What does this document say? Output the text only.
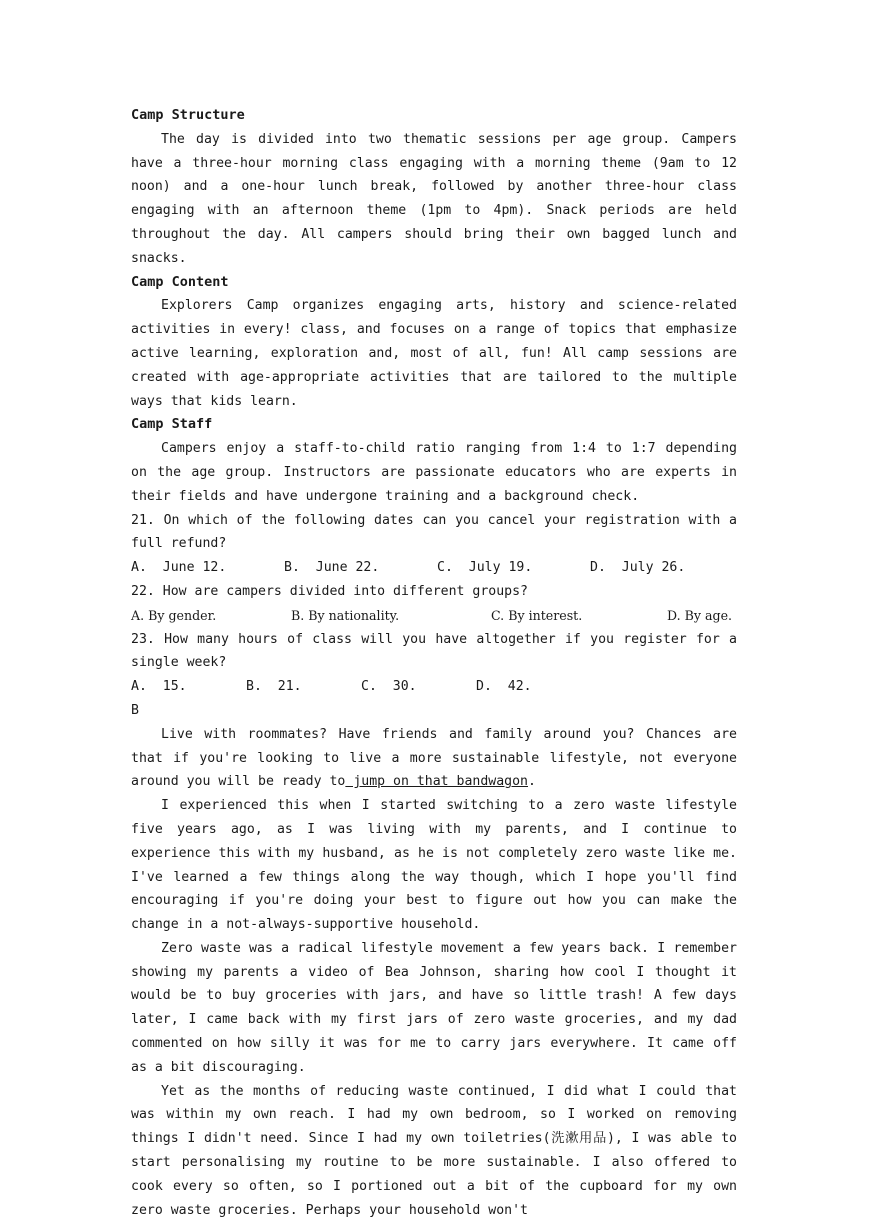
Camp Structure

The day is divided into two thematic sessions per age group. Campers have a three-hour morning class engaging with a morning theme (9am to 12 noon) and a one-hour lunch break, followed by another three-hour class engaging with an afternoon theme (1pm to 4pm). Snack periods are held throughout the day. All campers should bring their own bagged lunch and snacks.

Camp Content

Explorers Camp organizes engaging arts, history and science-related activities in every! class, and focuses on a range of topics that emphasize active learning, exploration and, most of all, fun! All camp sessions are created with age-appropriate activities that are tailored to the multiple ways that kids learn.

Camp Staff

Campers enjoy a staff-to-child ratio ranging from 1:4 to 1:7 depending on the age group. Instructors are passionate educators who are experts in their fields and have undergone training and a background check.

21. On which of the following dates can you cancel your registration with a full refund?

A.  June 12.	B.  June 22.	C.  July 19.	D.  July 26.

22. How are campers divided into different groups?

A. By gender.	B. By nationality.	C. By interest.	D. By age.

23. How many hours of class will you have altogether if you register for a single week?

A.  15.	B.  21.	C.  30.	D.  42.

B

Live with roommates? Have friends and family around you? Chances are that if you're looking to live a more sustainable lifestyle, not everyone around you will be ready to jump on that bandwagon.

I experienced this when I started switching to a zero waste lifestyle five years ago, as I was living with my parents, and I continue to experience this with my husband, as he is not completely zero waste like me. I've learned a few things along the way though, which I hope you'll find encouraging if you're doing your best to figure out how you can make the change in a not-always-supportive household.

Zero waste was a radical lifestyle movement a few years back. I remember showing my parents a video of Bea Johnson, sharing how cool I thought it would be to buy groceries with jars, and have so little trash! A few days later, I came back with my first jars of zero waste groceries, and my dad commented on how silly it was for me to carry jars everywhere. It came off as a bit discouraging.

Yet as the months of reducing waste continued, I did what I could that was within my own reach. I had my own bedroom, so I worked on removing things I didn't need. Since I had my own toiletries(洗漱用品), I was able to start personalising my routine to be more sustainable. I also offered to cook every so often, so I portioned out a bit of the cupboard for my own zero waste groceries. Perhaps your household won't
